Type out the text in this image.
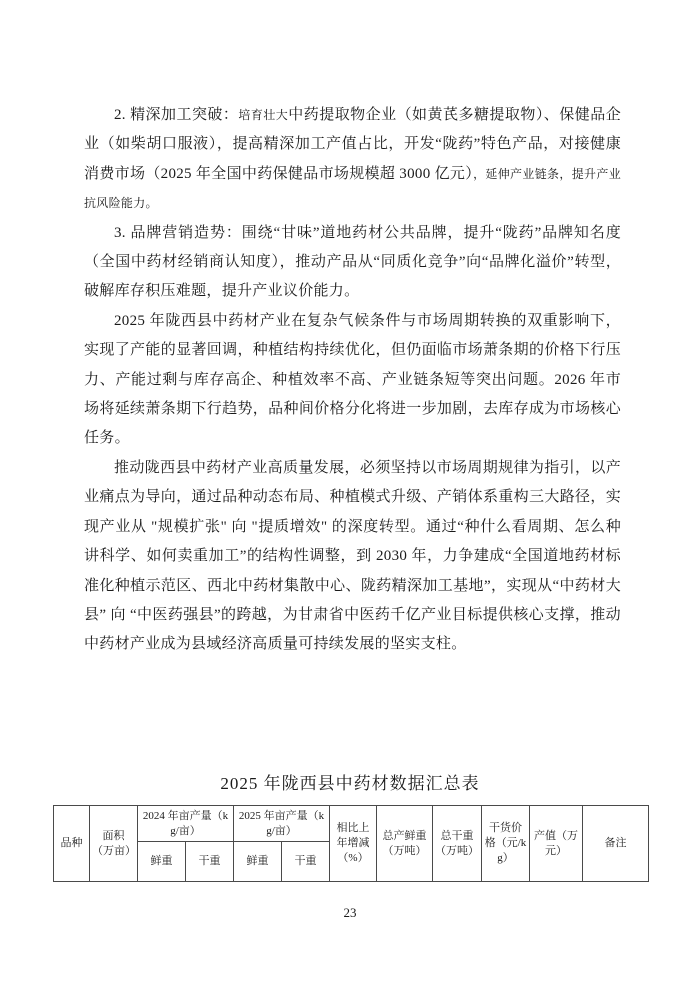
2. 精深加工突破：培育壮大中药提取物企业（如黄芪多糖提取物）、保健品企业（如柴胡口服液），提高精深加工产值占比，开发“陇药”特色产品，对接健康消费市场（2025 年全国中药保健品市场规模超 3000 亿元），延伸产业链条，提升产业抗风险能力。

3. 品牌营销造势：围绕“甘味”道地药材公共品牌，提升“陇药”品牌知名度（全国中药材经销商认知度），推动产品从“同质化竞争”向“品牌化溢价”转型，破解库存积压难题，提升产业议价能力。

2025 年陇西县中药材产业在复杂气候条件与市场周期转换的双重影响下，实现了产能的显著回调，种植结构持续优化，但仍面临市场萧条期的价格下行压力、产能过剩与库存高企、种植效率不高、产业链条短等突出问题。2026 年市场将延续萧条期下行趋势，品种间价格分化将进一步加剧，去库存成为市场核心任务。

推动陇西县中药材产业高质量发展，必须坚持以市场周期规律为指引，以产业痛点为导向，通过品种动态布局、种植模式升级、产销体系重构三大路径，实现产业从 "规模扩张" 向 "提质增效" 的深度转型。通过“种什么看周期、怎么种讲科学、如何卖重加工”的结构性调整，到 2030 年，力争建成“全国道地药材标准化种植示范区、西北中药材集散中心、陇药精深加工基地”，实现从“中药材大县” 向 “中医药强县”的跨越，为甘肃省中医药千亿产业目标提供核心支撑，推动中药材产业成为县域经济高质量可持续发展的坚实支柱。

2025 年陇西县中药材数据汇总表
品种	面积（万亩）	2024 年亩产量（kg/亩）		2025 年亩产量（kg/亩）		相比上年增减（%）	总产鲜重（万吨）	总干重（万吨）	干货价格（元/kg）	产值（万元）	备注
		鲜重	干重	鲜重	干重						
23
